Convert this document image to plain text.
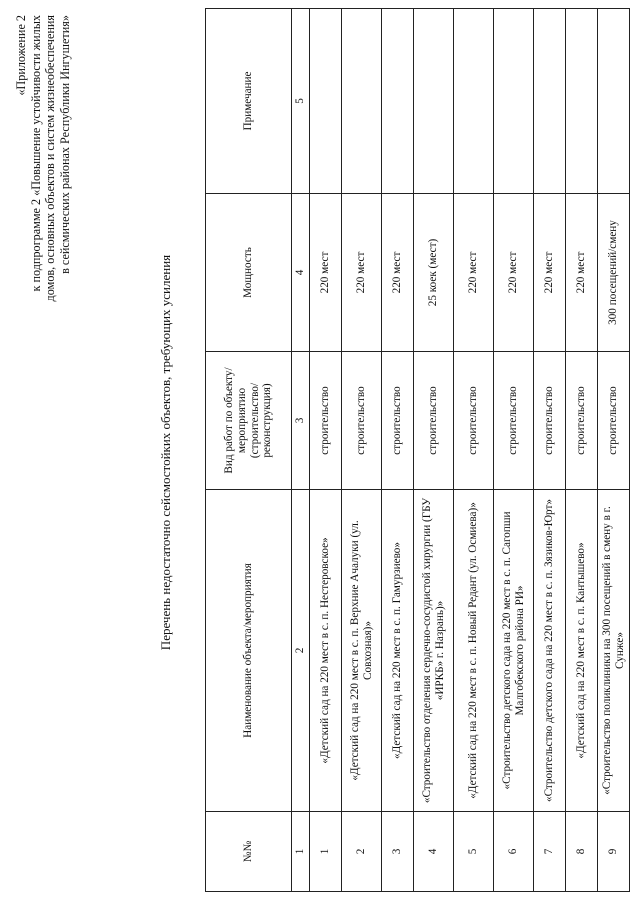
«Приложение 2 к подпрограмме 2 «Повышение устойчивости жилых домов, основных объектов и систем жизнеобеспечения в сейсмических районах Республики Ингушетия»
Перечень недостаточно сейсмостойких объектов, требующих усиления
№№	Наименование объекта/мероприятия	Вид работ по объекту/ мероприятию (строительство/ реконструкция)	Мощность	Примечание
1	2	3	4	5
1	«Детский сад на 220 мест в с. п. Нестеровское»	строительство	220 мест	
2	«Детский сад на 220 мест в с. п. Верхние Ачалуки (ул. Совхозная)»	строительство	220 мест	
3	«Детский сад на 220 мест в с. п. Гамурзиево»	строительство	220 мест	
4	«Строительство отделения сердечно-сосудистой хирургии (ГБУ «ИРКБ» г. Назрань)»	строительство	25 коек (мест)	
5	«Детский сад на 220 мест в с. п. Новый Редант (ул. Осмиева)»	строительство	220 мест	
6	«Строительство детского сада на 220 мест в с. п. Сагопши Малгобекского района РИ»	строительство	220 мест	
7	«Строительство детского сада на 220 мест в с. п. Зязиков-Юрт»	строительство	220 мест	
8	«Детский сад на 220 мест в с. п. Кантышево»	строительство	220 мест	
9	«Строительство поликлиники на 300 посещений в смену в г. Сунже»	строительство	300 посещений/смену	
